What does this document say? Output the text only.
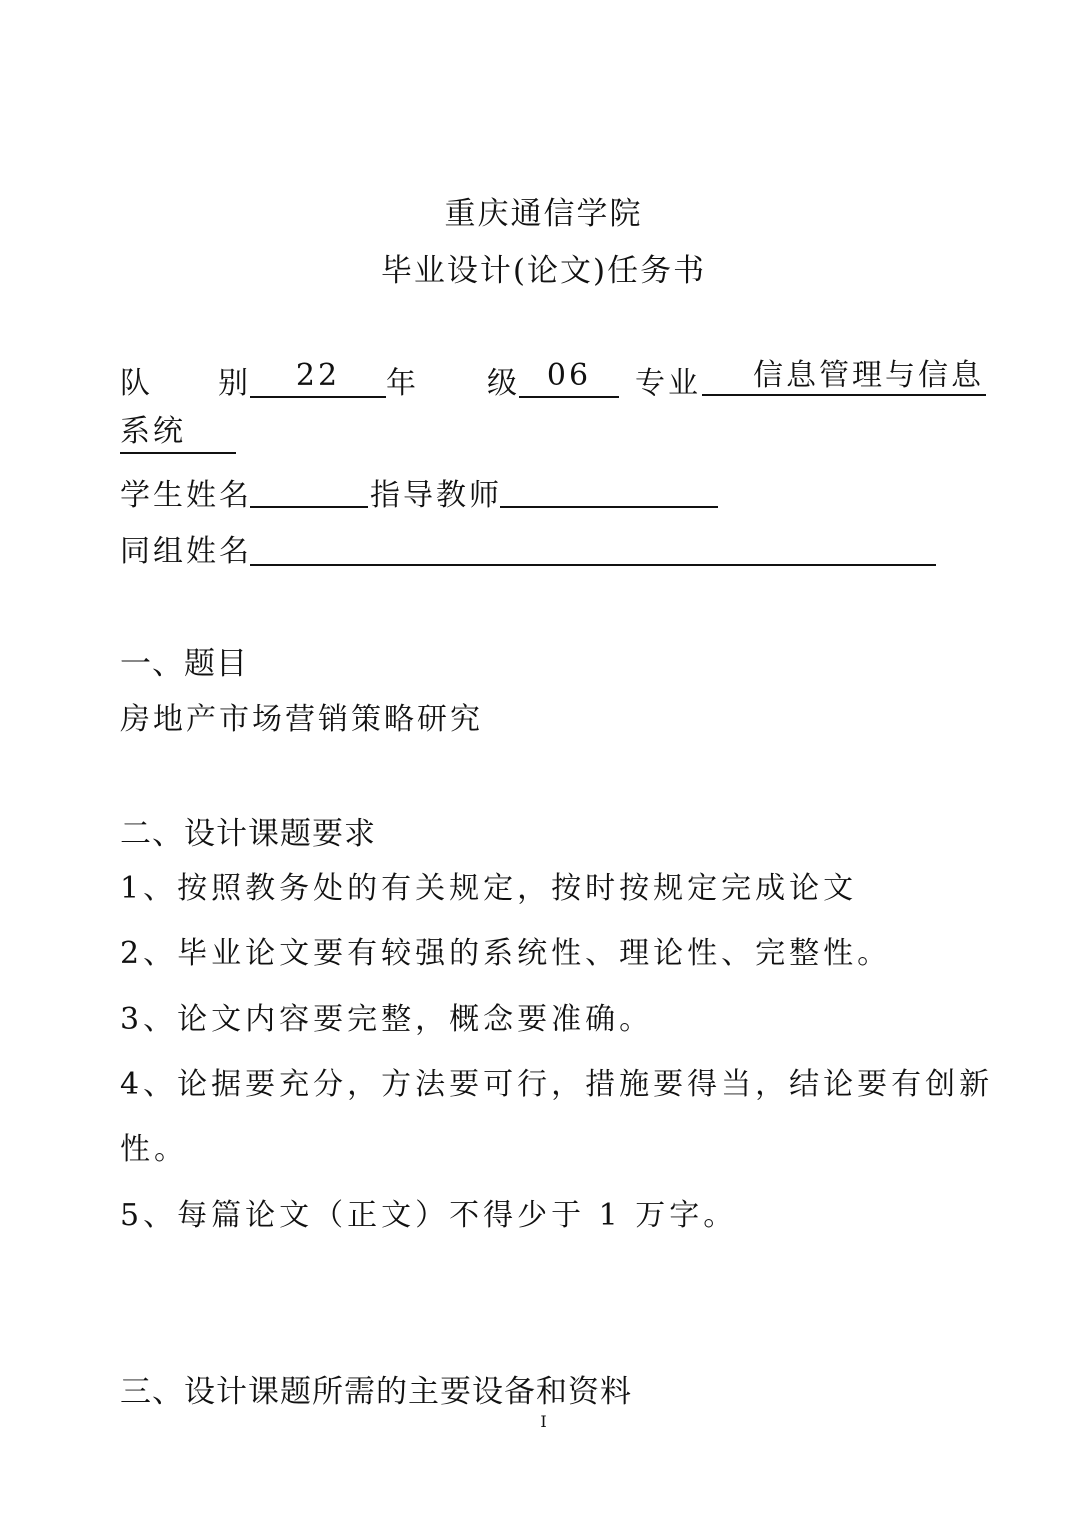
重庆通信学院
毕业设计(论文)任务书
队 别	22	年 级 06	专业	信息管理与信息
系统
学生姓名	指导教师
同组姓名
一、题目
房地产市场营销策略研究
二、设计课题要求
1、按照教务处的有关规定，按时按规定完成论文
2、毕业论文要有较强的系统性、理论性、完整性。
3、论文内容要完整，概念要准确。
4、论据要充分，方法要可行，措施要得当，结论要有创新
性。
5、每篇论文（正文）不得少于 1 万字。
三、设计课题所需的主要设备和资料
I
